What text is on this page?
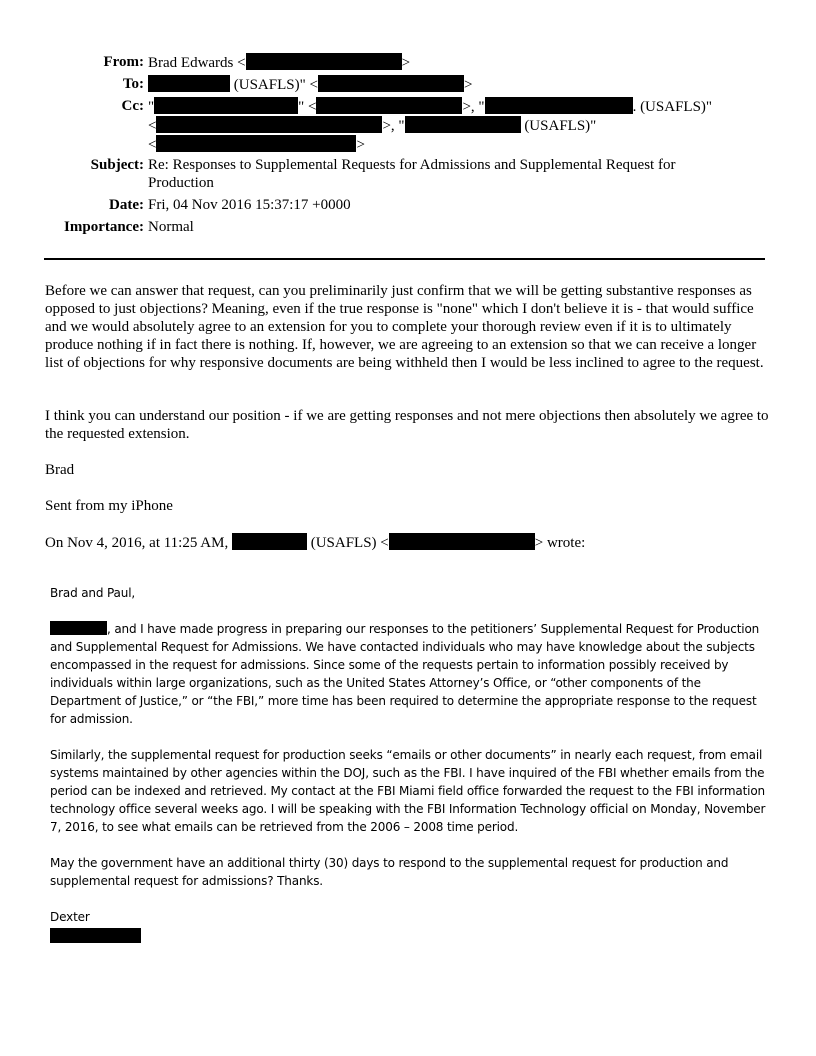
From: Brad Edwards <	>
To:	(USAFLS)" <	>
Cc: "	" <	>, "	. (USAFLS)"
<	>, "	(USAFLS)"
<	>
Subject: Re: Responses to Supplemental Requests for Admissions and Supplemental Request for
Production
Date: Fri, 04 Nov 2016 15:37:17 +0000
Importance: Normal

Before we can answer that request, can you preliminarily just confirm that we will be getting substantive responses as opposed to just objections? Meaning, even if the true response is "none" which I don't believe it is - that would suffice and we would absolutely agree to an extension for you to complete your thorough review even if it is to ultimately produce nothing if in fact there is nothing. If, however, we are agreeing to an extension so that we can receive a longer list of objections for why responsive documents are being withheld then I would be less inclined to agree to the request.

I think you can understand our position - if we are getting responses and not mere objections then absolutely we agree to the requested extension.

Brad

Sent from my iPhone

On Nov 4, 2016, at 11:25 AM,	(USAFLS) <	> wrote:

Brad and Paul,

, and I have made progress in preparing our responses to the petitioners’ Supplemental Request for Production and Supplemental Request for Admissions. We have contacted individuals who may have knowledge about the subjects encompassed in the request for admissions. Since some of the requests pertain to information possibly received by individuals within large organizations, such as the United States Attorney’s Office, or “other components of the Department of Justice,” or “the FBI,” more time has been required to determine the appropriate response to the request for admission.

Similarly, the supplemental request for production seeks “emails or other documents” in nearly each request, from email systems maintained by other agencies within the DOJ, such as the FBI. I have inquired of the FBI whether emails from the period can be indexed and retrieved. My contact at the FBI Miami field office forwarded the request to the FBI information technology office several weeks ago. I will be speaking with the FBI Information Technology official on Monday, November 7, 2016, to see what emails can be retrieved from the 2006 – 2008 time period.

May the government have an additional thirty (30) days to respond to the supplemental request for production and supplemental request for admissions? Thanks.

Dexter
